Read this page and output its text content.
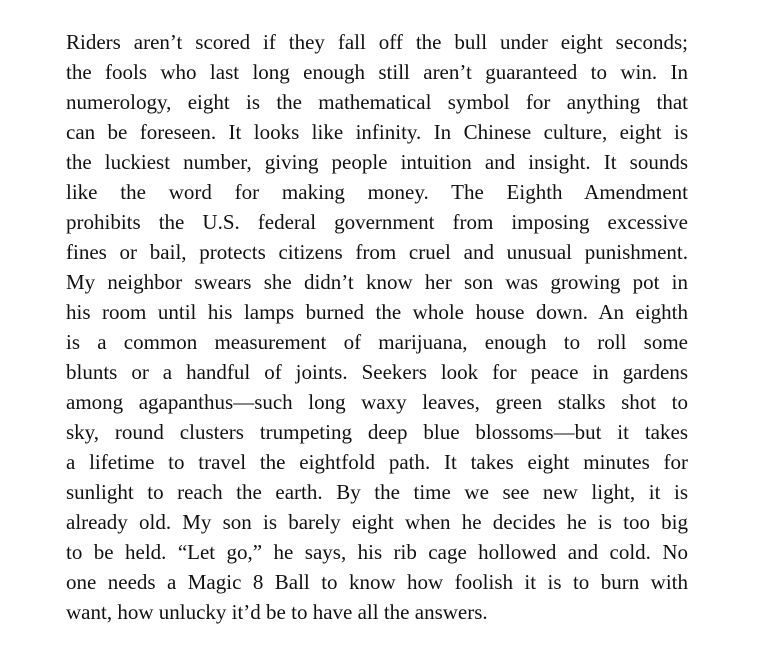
Riders aren’t scored if they fall off the bull under eight seconds;
the fools who last long enough still aren’t guaranteed to win. In
numerology, eight is the mathematical symbol for anything that
can be foreseen. It looks like infinity. In Chinese culture, eight is
the luckiest number, giving people intuition and insight. It sounds
like the word for making money. The Eighth Amendment
prohibits the U.S. federal government from imposing excessive
fines or bail, protects citizens from cruel and unusual punishment.
My neighbor swears she didn’t know her son was growing pot in
his room until his lamps burned the whole house down. An eighth
is a common measurement of marijuana, enough to roll some
blunts or a handful of joints. Seekers look for peace in gardens
among agapanthus—such long waxy leaves, green stalks shot to
sky, round clusters trumpeting deep blue blossoms—but it takes
a lifetime to travel the eightfold path. It takes eight minutes for
sunlight to reach the earth. By the time we see new light, it is
already old. My son is barely eight when he decides he is too big
to be held. “Let go,” he says, his rib cage hollowed and cold. No
one needs a Magic 8 Ball to know how foolish it is to burn with
want, how unlucky it’d be to have all the answers.
